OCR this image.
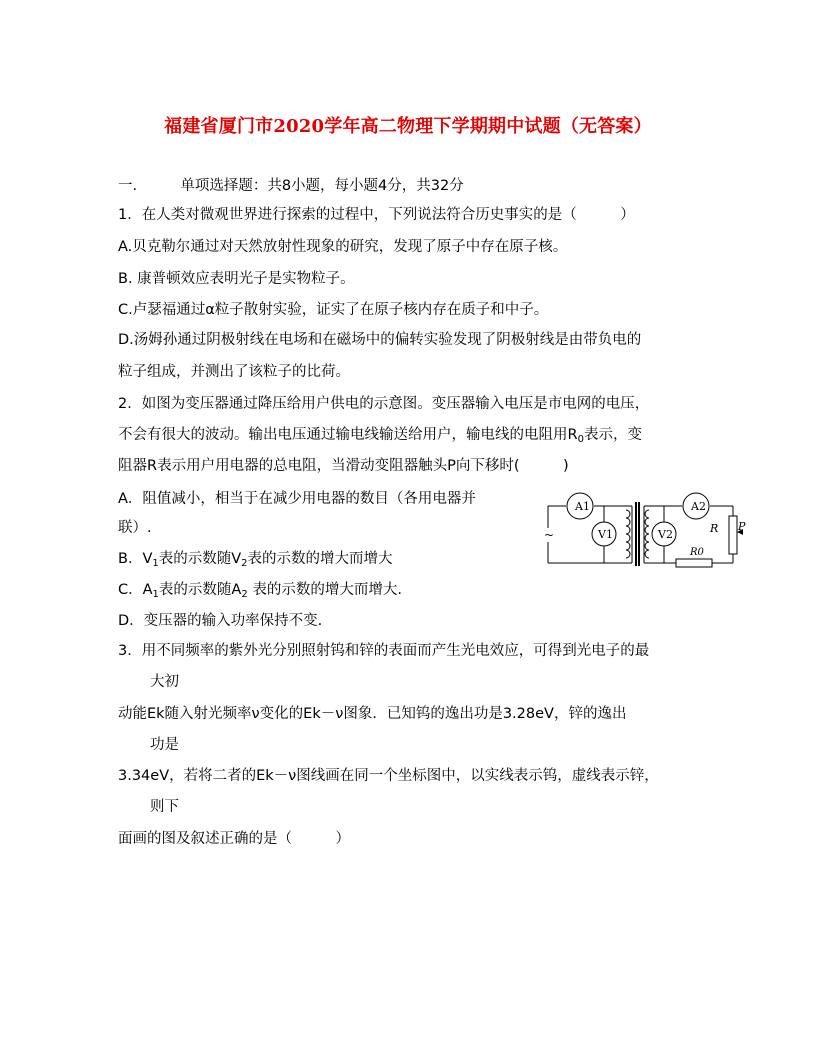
福建省厦门市2020学年高二物理下学期期中试题（无答案）
一.	单项选择题：共8小题，每小题4分，共32分
1．在人类对微观世界进行探索的过程中，下列说法符合历史事实的是（　　　）
A.贝克勒尔通过对天然放射性现象的研究，发现了原子中存在原子核。
B. 康普顿效应表明光子是实物粒子。
C.卢瑟福通过α粒子散射实验，证实了在原子核内存在质子和中子。
D.汤姆孙通过阴极射线在电场和在磁场中的偏转实验发现了阴极射线是由带负电的
粒子组成，并测出了该粒子的比荷。
2．如图为变压器通过降压给用户供电的示意图。变压器输入电压是市电网的电压，
不会有很大的波动。输出电压通过输电线输送给用户，输电线的电阻用$R_0$表示，变
阻器R表示用户用电器的总电阻，当滑动变阻器触头P向下移时(　　　)
A．阻值减小，相当于在减少用电器的数目（各用电器并
联）.
B．$V_1$表的示数随$V_2$表的示数的增大而增大
C．$A_1$表的示数随$A_2$ 表的示数的增大而增大.
D．变压器的输入功率保持不变.
A1
V1
A2
V2	R P
R0
~
3．用不同频率的紫外光分别照射钨和锌的表面而产生光电效应，可得到光电子的最
大初
动能Ek随入射光频率ν变化的Ek－ν图象．已知钨的逸出功是3.28eV，锌的逸出
功是
3.34eV，若将二者的Ek－ν图线画在同一个坐标图中，以实线表示钨，虚线表示锌，
则下
面画的图及叙述正确的是（　　　）
